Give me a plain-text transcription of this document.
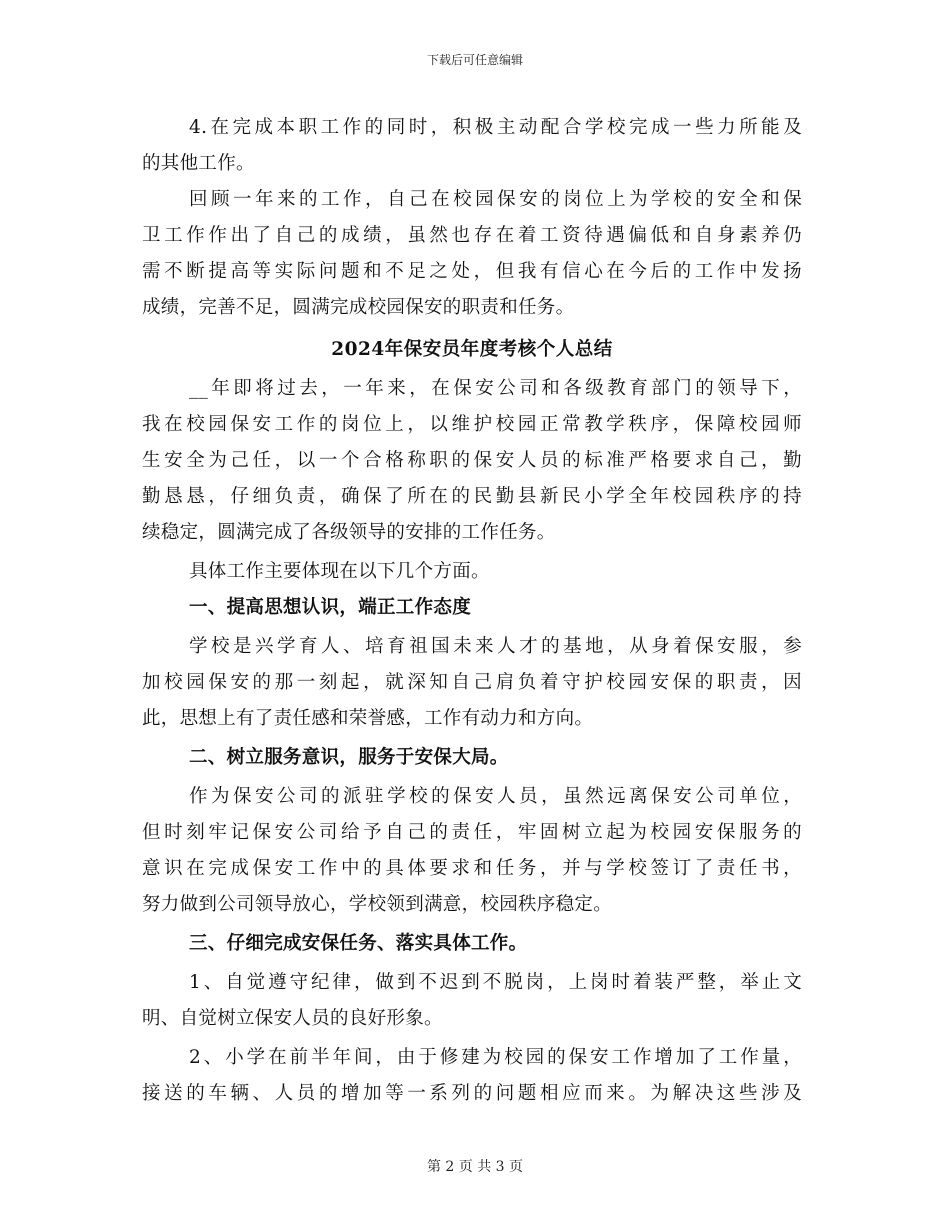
下载后可任意编辑
4.在完成本职工作的同时，积极主动配合学校完成一些力所能及
的其他工作。
回顾一年来的工作，自己在校园保安的岗位上为学校的安全和保
卫工作作出了自己的成绩，虽然也存在着工资待遇偏低和自身素养仍
需不断提高等实际问题和不足之处，但我有信心在今后的工作中发扬
成绩，完善不足，圆满完成校园保安的职责和任务。
2024年保安员年度考核个人总结
__年即将过去，一年来，在保安公司和各级教育部门的领导下，
我在校园保安工作的岗位上，以维护校园正常教学秩序，保障校园师
生安全为己任，以一个合格称职的保安人员的标准严格要求自己，勤
勤恳恳，仔细负责，确保了所在的民勤县新民小学全年校园秩序的持
续稳定，圆满完成了各级领导的安排的工作任务。
具体工作主要体现在以下几个方面。
一、提高思想认识，端正工作态度
学校是兴学育人、培育祖国未来人才的基地，从身着保安服，参
加校园保安的那一刻起，就深知自己肩负着守护校园安保的职责，因
此，思想上有了责任感和荣誉感，工作有动力和方向。
二、树立服务意识，服务于安保大局。
作为保安公司的派驻学校的保安人员，虽然远离保安公司单位，
但时刻牢记保安公司给予自己的责任，牢固树立起为校园安保服务的
意识在完成保安工作中的具体要求和任务，并与学校签订了责任书，
努力做到公司领导放心，学校领到满意，校园秩序稳定。
三、仔细完成安保任务、落实具体工作。
1、自觉遵守纪律，做到不迟到不脱岗，上岗时着装严整，举止文
明、自觉树立保安人员的良好形象。
2、小学在前半年间，由于修建为校园的保安工作增加了工作量，
接送的车辆、人员的增加等一系列的问题相应而来。为解决这些涉及
第 2 页 共 3 页
